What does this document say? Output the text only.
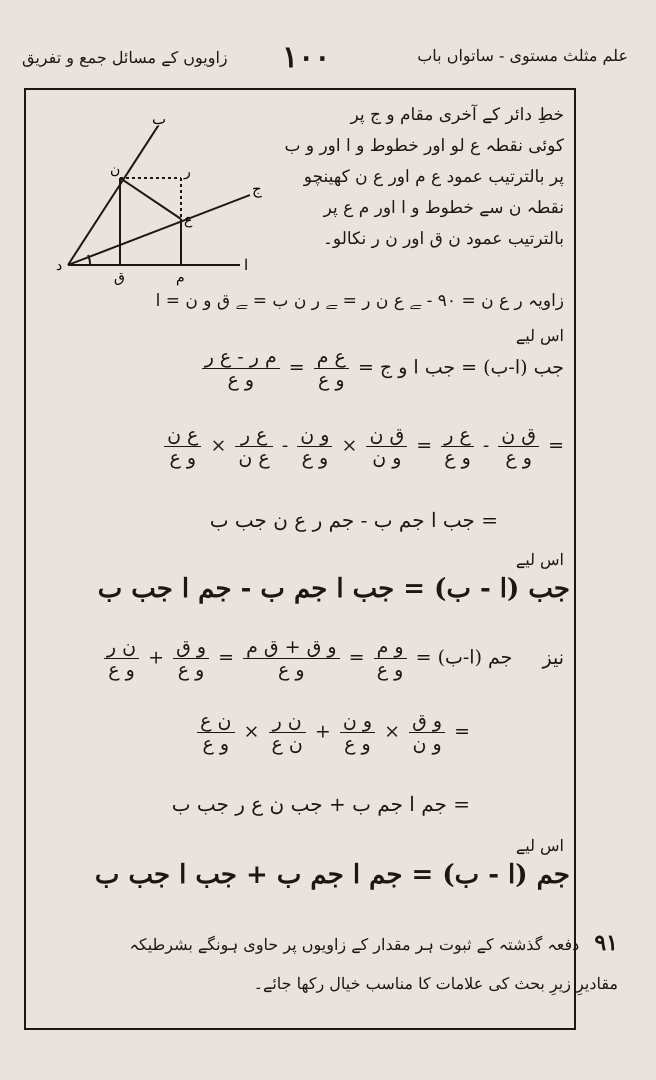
زاویوں کے مسائل جمع و تفریق ۱۰۰	علم مثلث مستوی - ساتواں باب
ب
ن	ر
ج
ع
د
ق	م
ا
خطِ دائر کے آخری مقام و ج پر
کوئی نقطہ ع لو اور خطوط و ا اور و ب
پر بالترتیب عمود ع م اور ع ن کھینچو
نقطہ ن سے خطوط و ا اور م ع پر
بالترتیب عمود ن ق اور ن ر نکالو۔
زاویہ ر ع ن = ۹۰ - ﮯ ع ن ر = ﮯ ر ن ب = ﮯ ق و ن = ا
اس لیے
جب (ا-ب) = جب ا و ج =
$\frac{\text{ع م}}{\text{و ع}}$
=
$\frac{\text{م ر - ع ر}}{\text{و ع}}$
=
$\frac{\text{ق ن}}{\text{و ع}}$
-
$\frac{\text{ع ر}}{\text{و ع}}$
=
$\frac{\text{ق ن}}{\text{و ن}}$
×
$\frac{\text{و ن}}{\text{و ع}}$
-
$\frac{\text{ع ر}}{\text{ع ن}}$
×
$\frac{\text{ع ن}}{\text{و ع}}$
= جب ا جم ب - جم ر ع ن جب ب
اس لیے
جب (ا - ب) = جب ا جم ب - جم ا جب ب
نیز جم (ا-ب) =
$\frac{\text{و م}}{\text{و ع}}$
=
$\frac{\text{و ق + ق م}}{\text{و ع}}$
=
$\frac{\text{و ق}}{\text{و ع}}$
+
$\frac{\text{ن ر}}{\text{و ع}}$
=
$\frac{\text{و ق}}{\text{و ن}}$
×
$\frac{\text{و ن}}{\text{و ع}}$
+
$\frac{\text{ن ر}}{\text{ن ع}}$
×
$\frac{\text{ن ع}}{\text{و ع}}$
= جم ا جم ب + جب ن ع ر جب ب
اس لیے
جم (ا - ب) = جم ا جم ب + جب ا جب ب
۹۱ دفعہ گذشتہ کے ثبوت ہر مقدار کے زاویوں پر حاوی ہونگے بشرطیکہ
مقادیرِ زیرِ بحث کی علامات کا مناسب خیال رکھا جائے۔
